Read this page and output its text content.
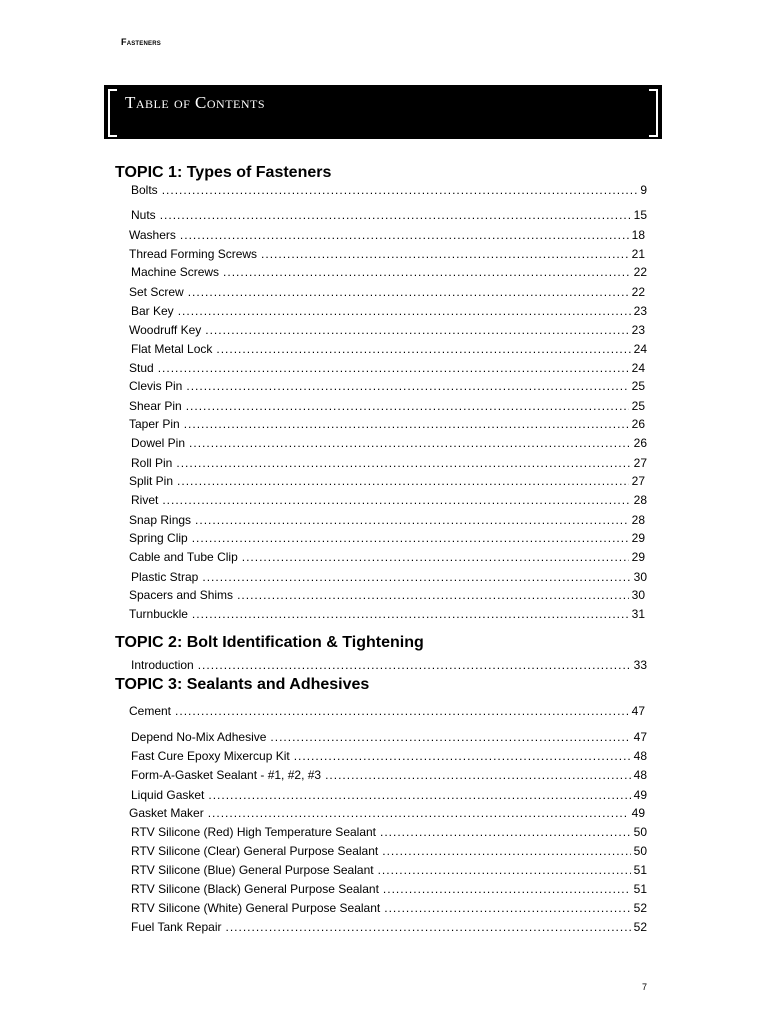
Fasteners
Table of Contents
TOPIC 1: Types of Fasteners
Bolts .....	9
Nuts .....	15
Washers .....	18
Thread Forming Screws .....	21
Machine Screws .....	22
Set Screw .....	22
Bar Key .....	23
Woodruff Key .....	23
Flat Metal Lock .....	24
Stud .....	24
Clevis Pin .....	25
Shear Pin .....	25
Taper Pin .....	26
Dowel Pin .....	26
Roll Pin .....	27
Split Pin .....	27
Rivet .....	28
Snap Rings .....	28
Spring Clip .....	29
Cable and Tube Clip .....	29
Plastic Strap .....	30
Spacers and Shims .....	30
Turnbuckle .....	31
TOPIC 2: Bolt Identification & Tightening
Introduction .....	33
TOPIC 3: Sealants and Adhesives
Cement .....	47
Depend No-Mix Adhesive .....	47
Fast Cure Epoxy Mixercup Kit .....	48
Form-A-Gasket Sealant - #1, #2, #3 .....	48
Liquid Gasket .....	49
Gasket Maker .....	49
RTV Silicone (Red) High Temperature Sealant .....	50
RTV Silicone (Clear) General Purpose Sealant .....	50
RTV Silicone (Blue) General Purpose Sealant .....	51
RTV Silicone (Black) General Purpose Sealant .....	51
RTV Silicone (White) General Purpose Sealant .....	52
Fuel Tank Repair .....	52
7
